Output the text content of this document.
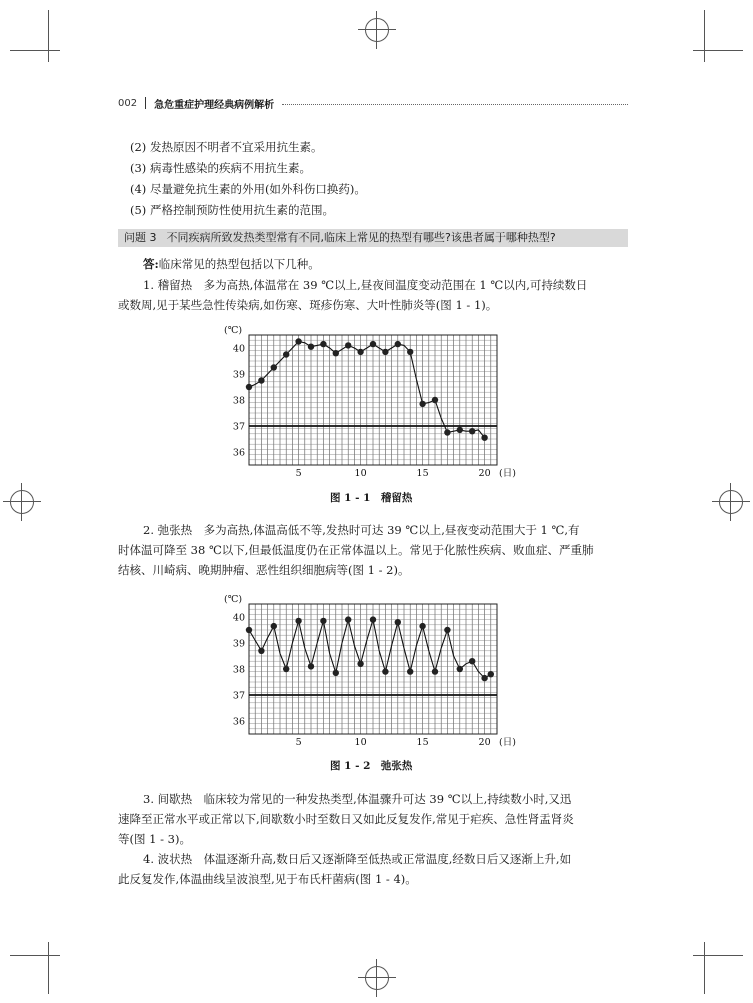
002 急危重症护理经典病例解析
(2) 发热原因不明者不宜采用抗生素。
(3) 病毒性感染的疾病不用抗生素。
(4) 尽量避免抗生素的外用(如外科伤口换药)。
(5) 严格控制预防性使用抗生素的范围。
问题 3 不同疾病所致发热类型常有不同,临床上常见的热型有哪些?该患者属于哪种热型?
答:临床常见的热型包括以下几种。
1. 稽留热　多为高热,体温常在 39 ℃以上,昼夜间温度变动范围在 1 ℃以内,可持续数日
或数周,见于某些急性传染病,如伤寒、斑疹伤寒、大叶性肺炎等(图 1 - 1)。
36
37
38
39
40
5	10	15	20
(℃)
(日)
图 1 - 1　稽留热
2. 弛张热　多为高热,体温高低不等,发热时可达 39 ℃以上,昼夜变动范围大于 1 ℃,有
时体温可降至 38 ℃以下,但最低温度仍在正常体温以上。常见于化脓性疾病、败血症、严重肺
结核、川崎病、晚期肿瘤、恶性组织细胞病等(图 1 - 2)。
36
37
38
39
40
5	10	15	20
(℃)
(日)
图 1 - 2　弛张热
3. 间歇热　临床较为常见的一种发热类型,体温骤升可达 39 ℃以上,持续数小时,又迅
速降至正常水平或正常以下,间歇数小时至数日又如此反复发作,常见于疟疾、急性肾盂肾炎
等(图 1 - 3)。
4. 波状热　体温逐渐升高,数日后又逐渐降至低热或正常温度,经数日后又逐渐上升,如
此反复发作,体温曲线呈波浪型,见于布氏杆菌病(图 1 - 4)。
